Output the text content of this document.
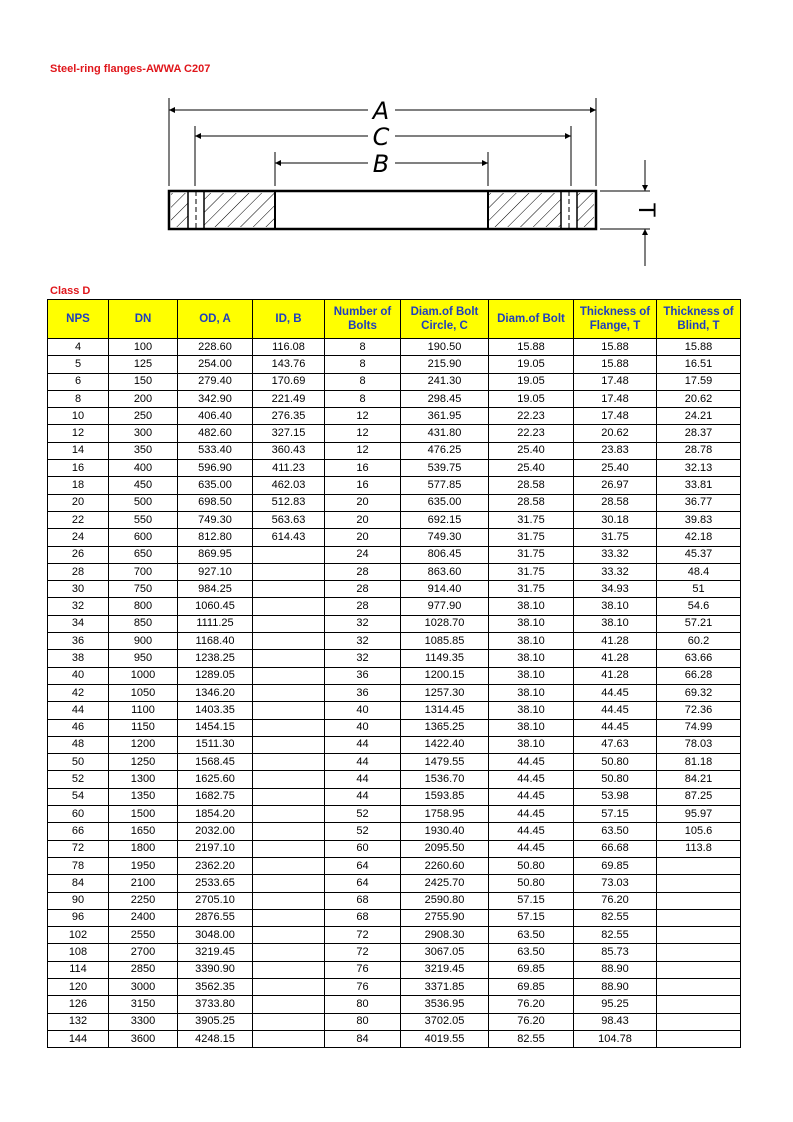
Steel-ring flanges-AWWA C207
A
C
B
T
Class D
NPS	DN	OD, A	ID, B	Number of Bolts	Diam.of Bolt Circle, C	Diam.of Bolt	Thickness of Flange, T	Thickness of Blind, T
4	100	228.60	116.08	8	190.50	15.88	15.88	15.88
5	125	254.00	143.76	8	215.90	19.05	15.88	16.51
6	150	279.40	170.69	8	241.30	19.05	17.48	17.59
8	200	342.90	221.49	8	298.45	19.05	17.48	20.62
10	250	406.40	276.35	12	361.95	22.23	17.48	24.21
12	300	482.60	327.15	12	431.80	22.23	20.62	28.37
14	350	533.40	360.43	12	476.25	25.40	23.83	28.78
16	400	596.90	411.23	16	539.75	25.40	25.40	32.13
18	450	635.00	462.03	16	577.85	28.58	26.97	33.81
20	500	698.50	512.83	20	635.00	28.58	28.58	36.77
22	550	749.30	563.63	20	692.15	31.75	30.18	39.83
24	600	812.80	614.43	20	749.30	31.75	31.75	42.18
26	650	869.95		24	806.45	31.75	33.32	45.37
28	700	927.10		28	863.60	31.75	33.32	48.4
30	750	984.25		28	914.40	31.75	34.93	51
32	800	1060.45		28	977.90	38.10	38.10	54.6
34	850	1111.25		32	1028.70	38.10	38.10	57.21
36	900	1168.40		32	1085.85	38.10	41.28	60.2
38	950	1238.25		32	1149.35	38.10	41.28	63.66
40	1000	1289.05		36	1200.15	38.10	41.28	66.28
42	1050	1346.20		36	1257.30	38.10	44.45	69.32
44	1100	1403.35		40	1314.45	38.10	44.45	72.36
46	1150	1454.15		40	1365.25	38.10	44.45	74.99
48	1200	1511.30		44	1422.40	38.10	47.63	78.03
50	1250	1568.45		44	1479.55	44.45	50.80	81.18
52	1300	1625.60		44	1536.70	44.45	50.80	84.21
54	1350	1682.75		44	1593.85	44.45	53.98	87.25
60	1500	1854.20		52	1758.95	44.45	57.15	95.97
66	1650	2032.00		52	1930.40	44.45	63.50	105.6
72	1800	2197.10		60	2095.50	44.45	66.68	113.8
78	1950	2362.20		64	2260.60	50.80	69.85	
84	2100	2533.65		64	2425.70	50.80	73.03	
90	2250	2705.10		68	2590.80	57.15	76.20	
96	2400	2876.55		68	2755.90	57.15	82.55	
102	2550	3048.00		72	2908.30	63.50	82.55	
108	2700	3219.45		72	3067.05	63.50	85.73	
114	2850	3390.90		76	3219.45	69.85	88.90	
120	3000	3562.35		76	3371.85	69.85	88.90	
126	3150	3733.80		80	3536.95	76.20	95.25	
132	3300	3905.25		80	3702.05	76.20	98.43	
144	3600	4248.15		84	4019.55	82.55	104.78	
